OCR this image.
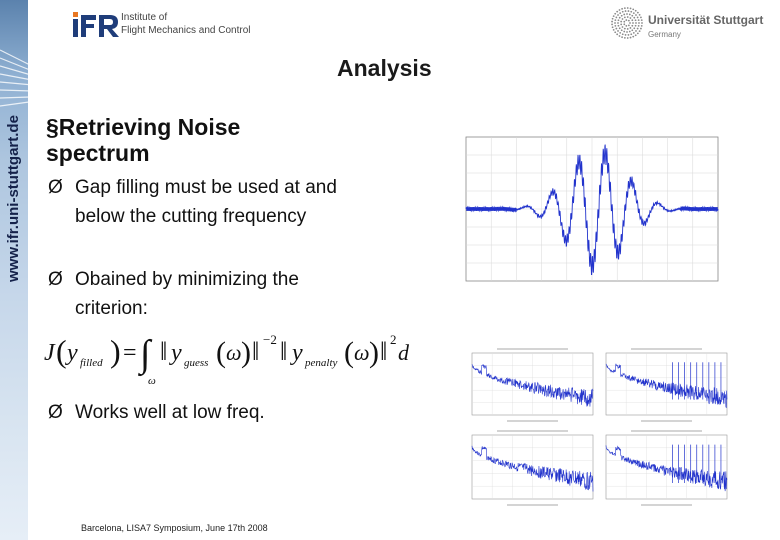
www.ifr.uni-stuttgart.de
Institute of
Flight Mechanics and Control
Universität Stuttgart
Germany
Analysis
§Retrieving Noise spectrum
Ø Gap filling must be used at and below the cutting frequency
Ø Obained by minimizing the criterion:
Ø Works well at low freq.
J ( y filled ) = ∫
ω
‖ y guess ( ω ) ‖ −2 ‖ y penalty ( ω ) ‖ 2
d
Barcelona, LISA7 Symposium, June 17th 2008
